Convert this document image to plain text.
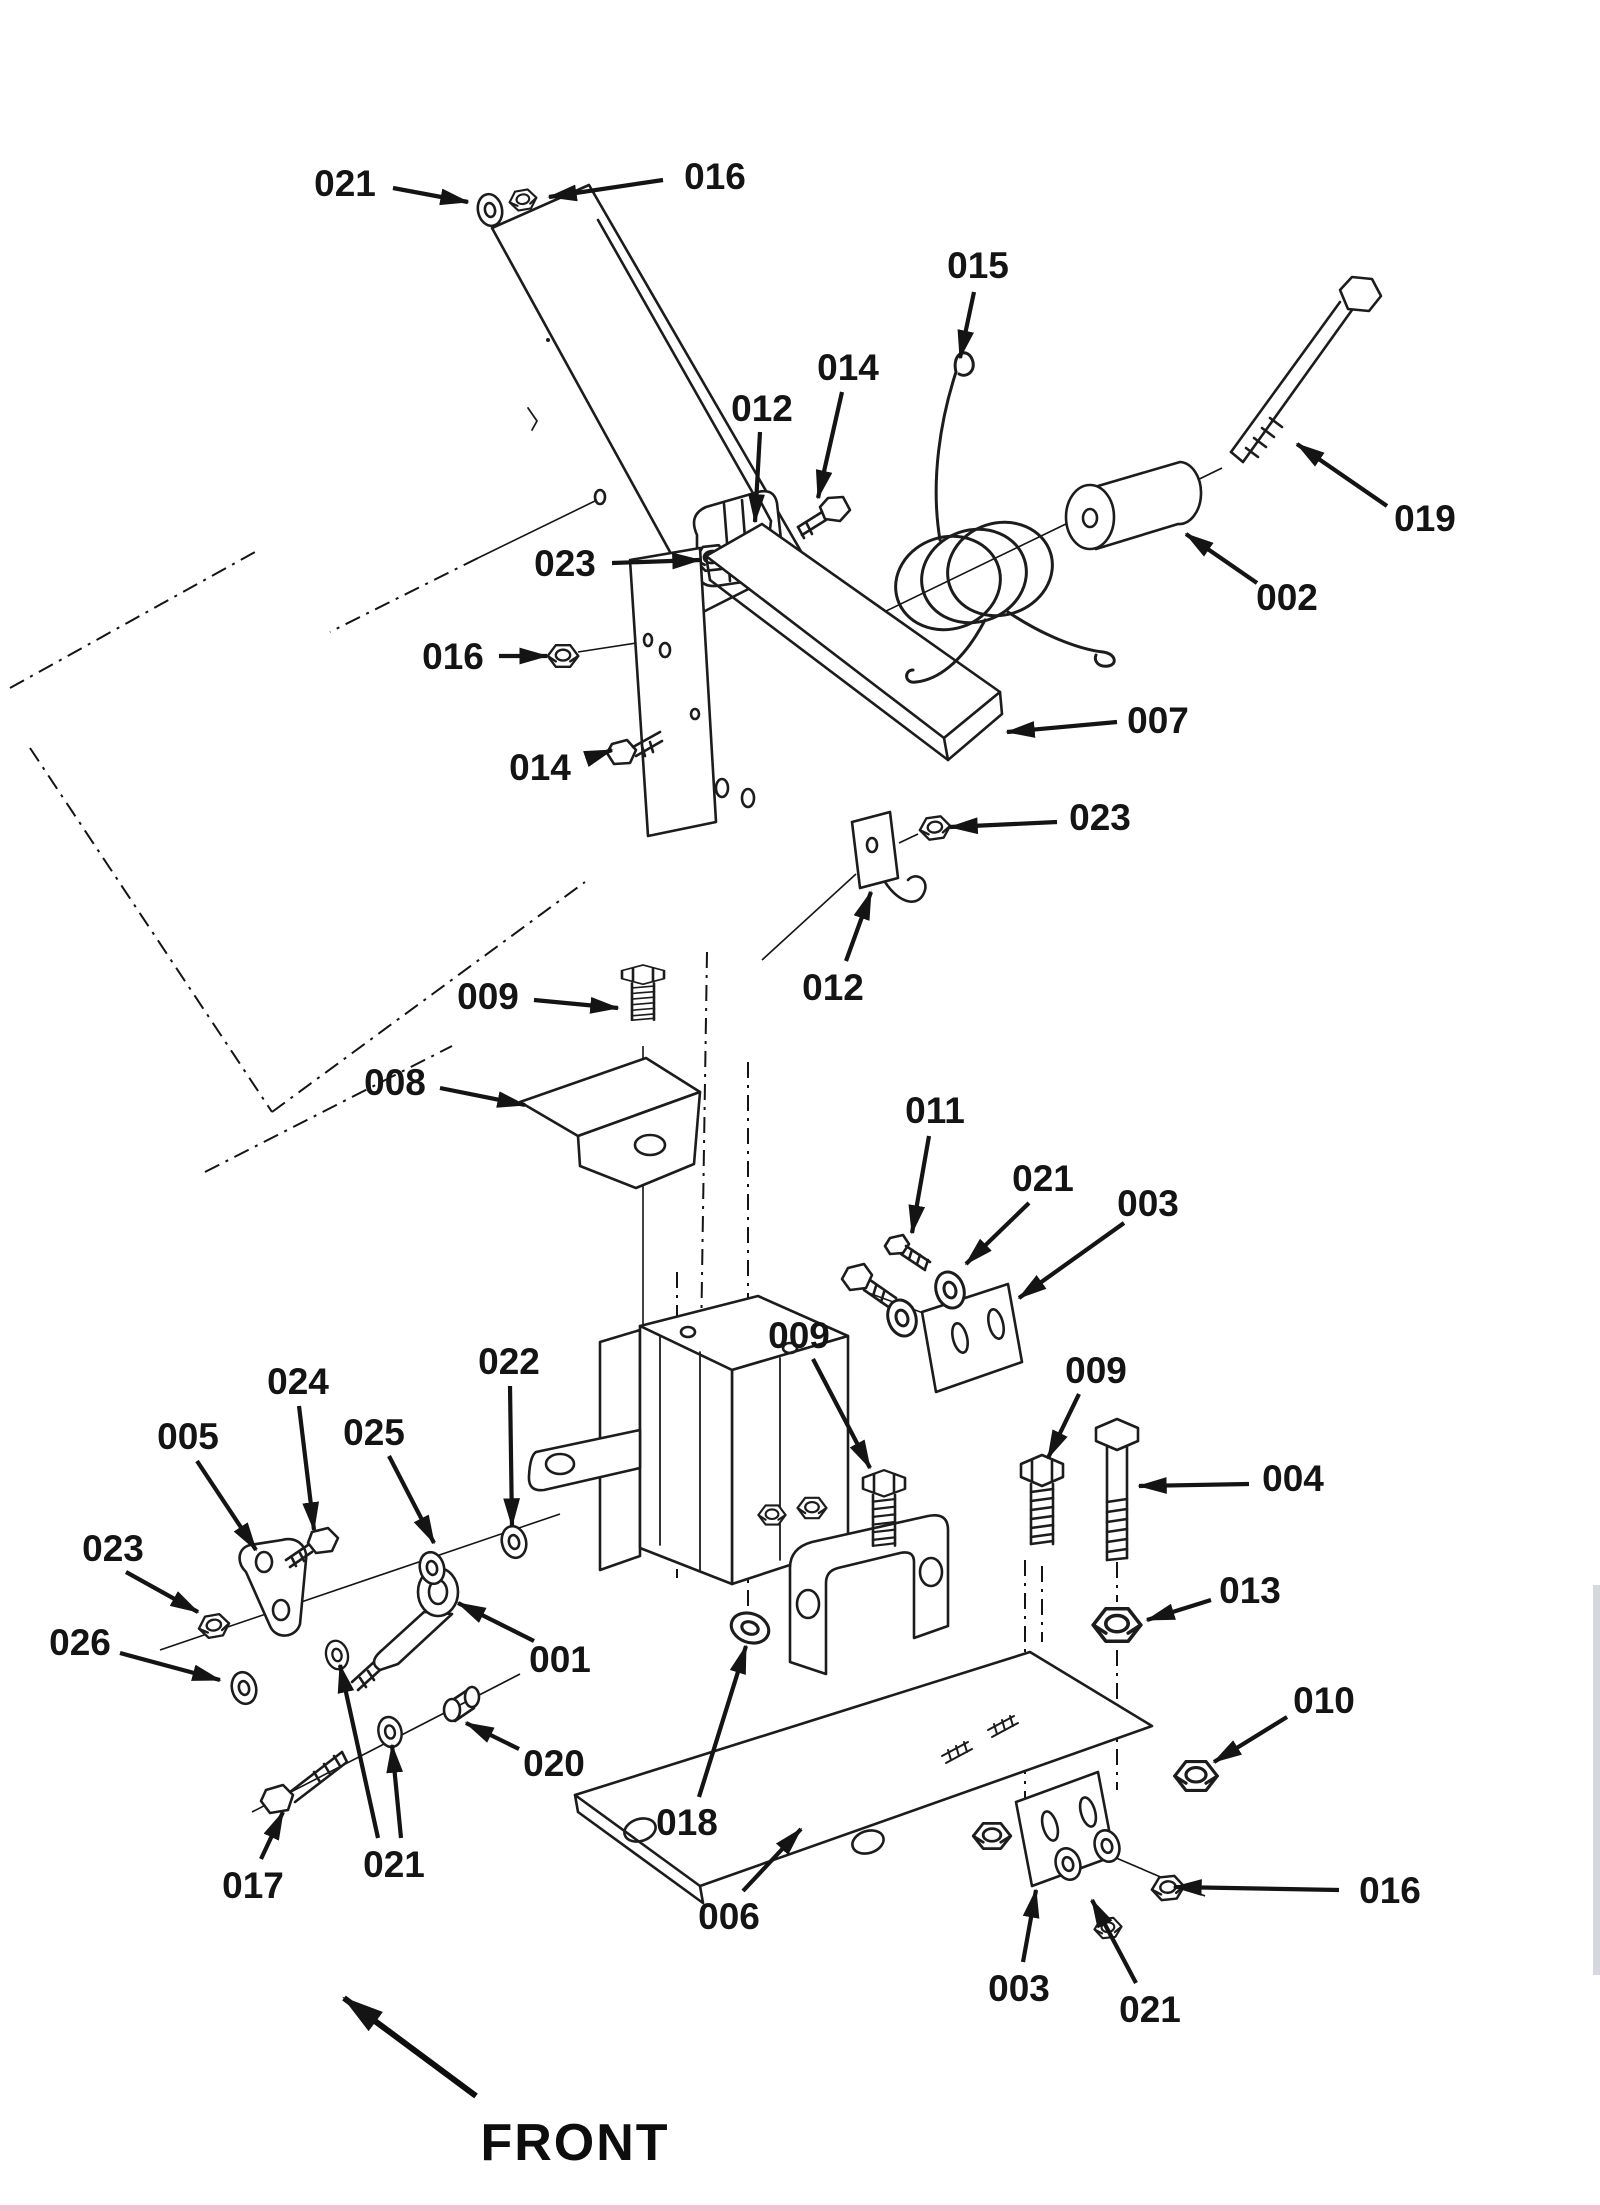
FRONT
021	016
015
014
012
023
019
002
016
007
014
023
012
009
008
011
021
003
024	022
005	025
009
009
004
013
023
026	001
010
020
017
021
018
006
016
003
021
